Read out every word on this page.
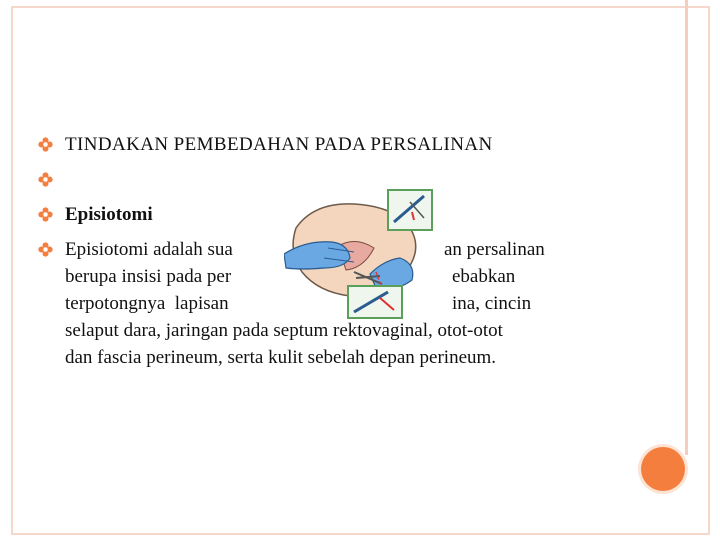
TINDAKAN PEMBEDAHAN PADA PERSALINAN
Episiotomi
Episiotomi adalah sua	an persalinan
berupa insisi pada per	ebabkan
terpotongnya  lapisan	ina, cincin
selaput dara, jaringan pada septum rektovaginal, otot-otot
dan fascia perineum, serta kulit sebelah depan perineum.
